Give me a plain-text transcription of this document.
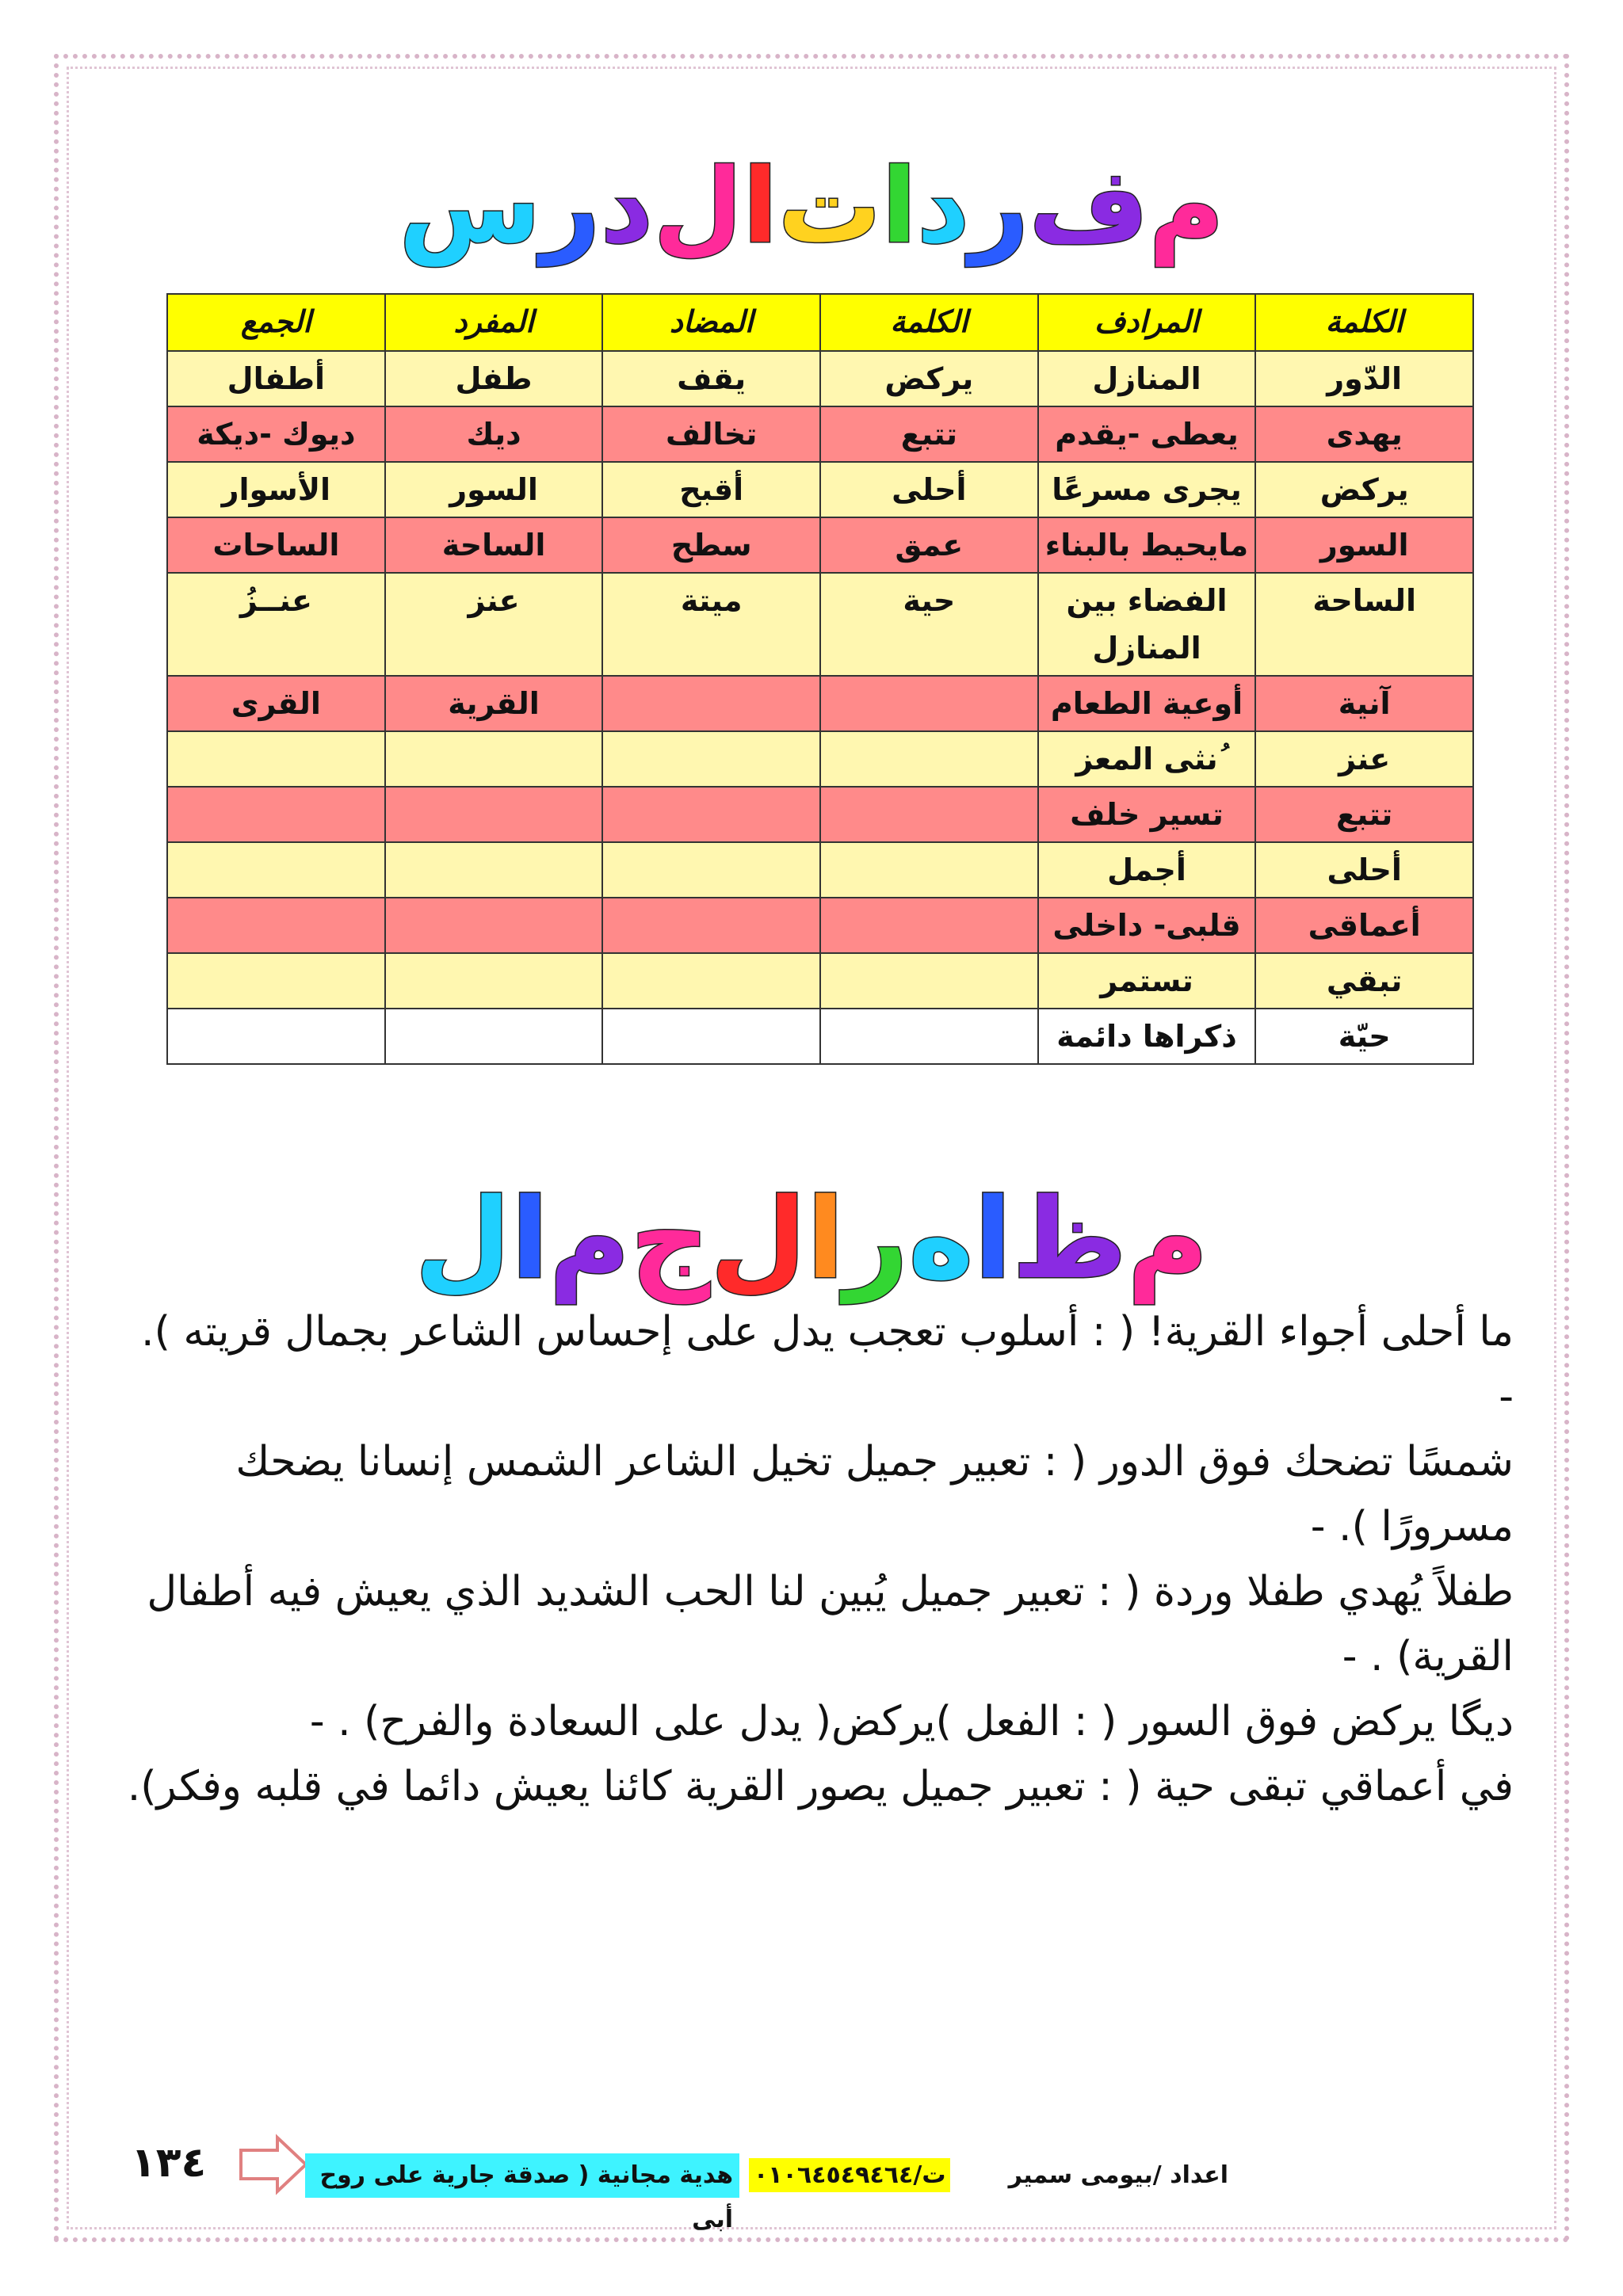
مفرداتالدرس
الكلمة	المرادف	الكلمة	المضاد	المفرد	الجمع
الدّور	المنازل	يركض	يقف	طفل	أطفال
يهدى	يعطى -يقدم	تتبع	تخالف	ديك	ديوك -ديكة
يركض	يجرى مسرعًا	أحلى	أقبح	السور	الأسوار
السور	مايحيط بالبناء	عمق	سطح	الساحة	الساحات
الساحة	الفضاء بين المنازل	حية	ميتة	عنز	عنــزُ
آنية	أوعية الطعام			القرية	القرى
عنز	ُنثى المعز				
تتبع	تسير خلف				
أحلى	أجمل				
أعماقى	قلبى- داخلى				
تبقي	تستمر				
حيّة	ذكراها دائمة				
مظاهرالجمال

ما أحلى أجواء القرية! ( : أسلوب تعجب يدل على إحساس الشاعر بجمال قريته ). -

شمسًا تضحك فوق الدور ( : تعبير جميل تخيل الشاعر الشمس إنسانا يضحك مسرورًا ). -

طفلاً يُهدي طفلا وردة ( : تعبير جميل يُبين لنا الحب الشديد الذي يعيش فيه أطفال القرية) . -

ديگا يركض فوق السور ( : الفعل )يركض( يدل على السعادة والفرح) . -

في أعماقي تبقى حية ( : تعبير جميل يصور القرية كائنا يعيش دائما في قلبه وفكر).

١٣٤	هدية مجانية ( صدقة جارية على روح أبى
اعداد /بيومى سمير       ت/٠١٠٦٤٥٤٩٤٦٤
